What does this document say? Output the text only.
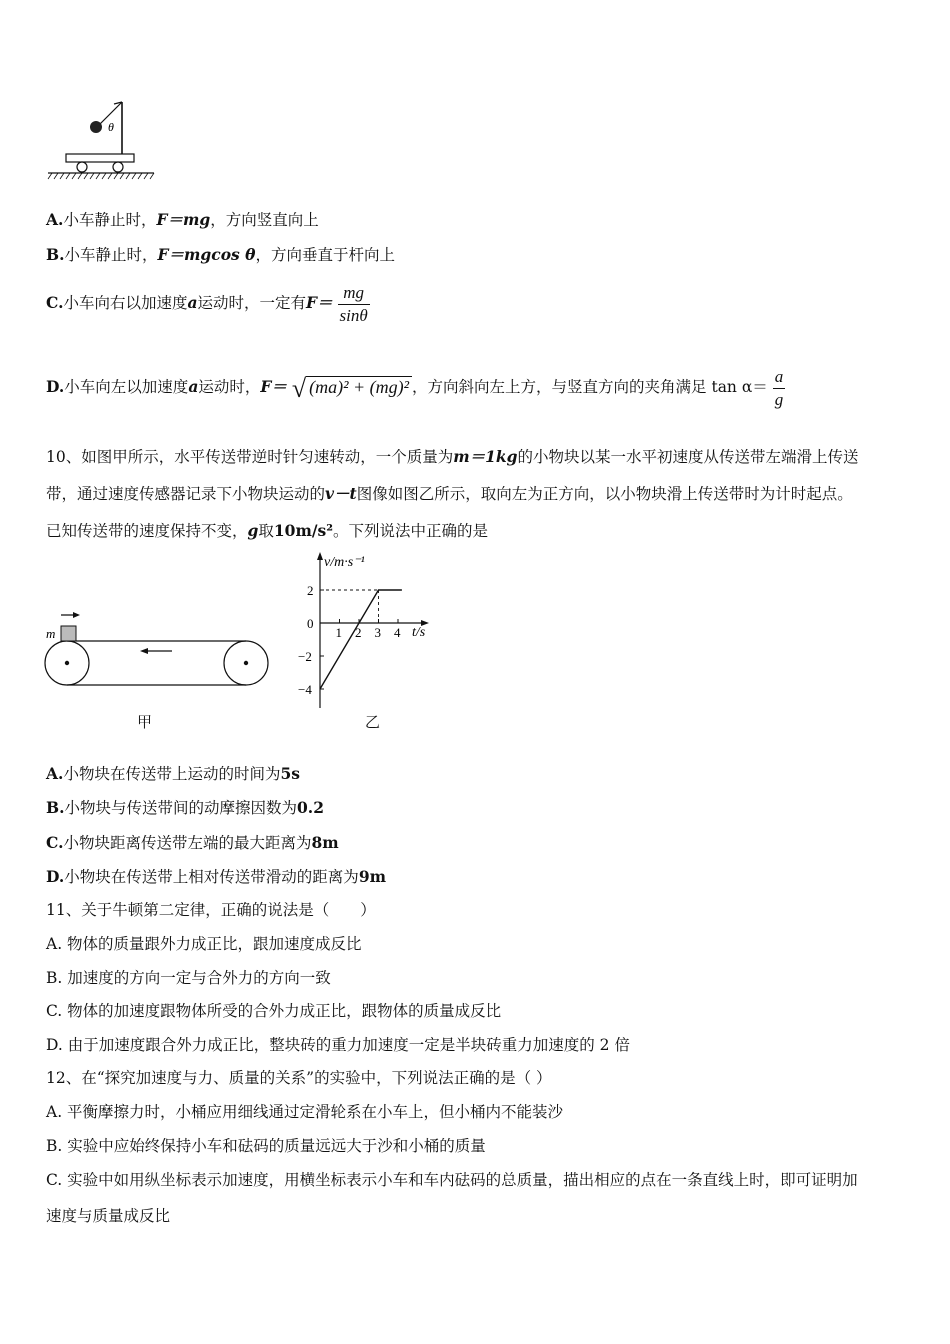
θ
A.小车静止时，F＝mg，方向竖直向上
B.小车静止时，F＝mgcos θ，方向垂直于杆向上
C.小车向右以加速度a运动时，一定有$F= \frac{mg}{\sin\theta}$
D.小车向左以加速度a运动时，F＝ √ (ma)² + (mg)² ，方向斜向左上方，与竖直方向的夹角满足 $\tan \alpha= \frac{a}{g}$
10、如图甲所示，水平传送带逆时针匀速转动，一个质量为m＝1kg的小物块以某一水平初速度从传送带左端滑上传送
带，通过速度传感器记录下小物块运动的v－t图像如图乙所示，取向左为正方向，以小物块滑上传送带时为计时起点。
已知传送带的速度保持不变，g取10m/s²。下列说法中正确的是
m
甲
v/m·s⁻¹
t/s
1 2 3 4
2
0
−2
−4
乙
A.小物块在传送带上运动的时间为5s
B.小物块与传送带间的动摩擦因数为0.2
C.小物块距离传送带左端的最大距离为8m
D.小物块在传送带上相对传送带滑动的距离为9m
11、关于牛顿第二定律，正确的说法是（　　）
A. 物体的质量跟外力成正比，跟加速度成反比
B. 加速度的方向一定与合外力的方向一致
C. 物体的加速度跟物体所受的合外力成正比，跟物体的质量成反比
D. 由于加速度跟合外力成正比，整块砖的重力加速度一定是半块砖重力加速度的 2 倍
12、在“探究加速度与力、质量的关系”的实验中，下列说法正确的是（ ）
A. 平衡摩擦力时，小桶应用细线通过定滑轮系在小车上，但小桶内不能装沙
B. 实验中应始终保持小车和砝码的质量远远大于沙和小桶的质量
C. 实验中如用纵坐标表示加速度，用横坐标表示小车和车内砝码的总质量，描出相应的点在一条直线上时，即可证明加
速度与质量成反比
